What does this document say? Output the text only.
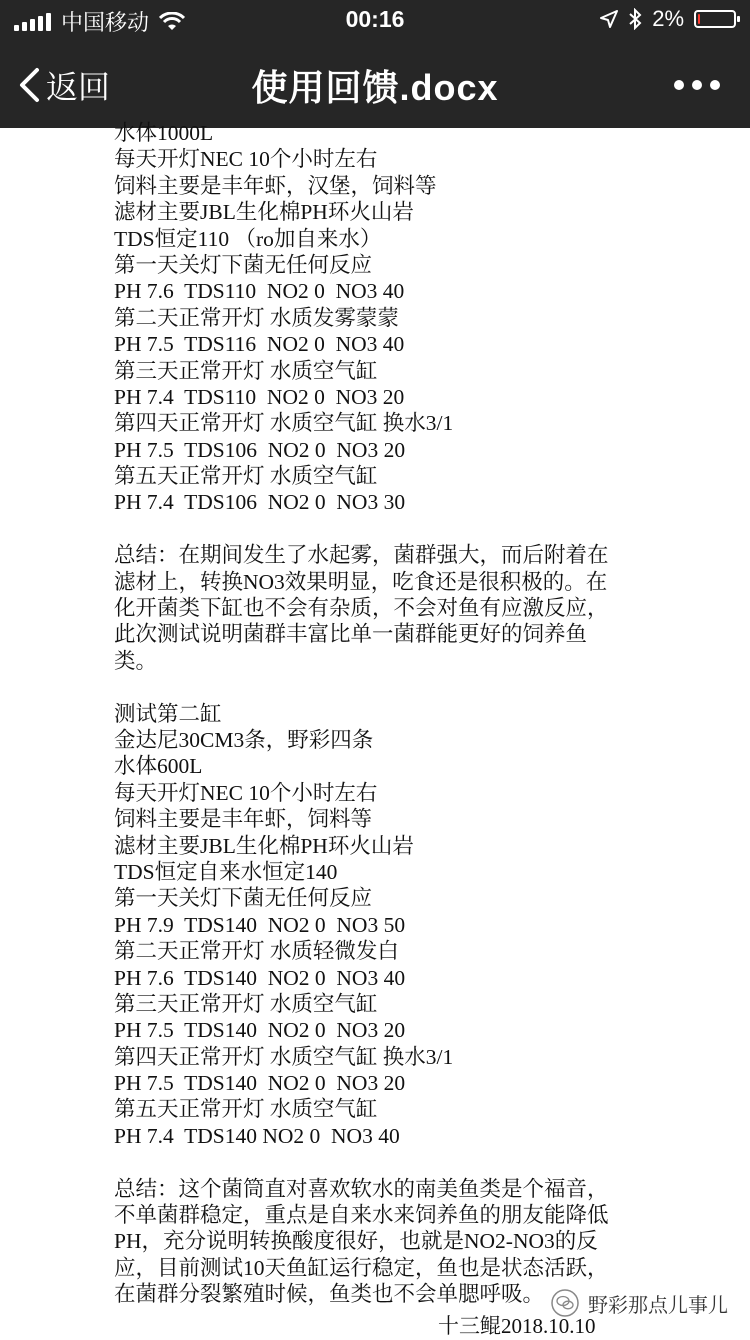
中国移动	00:16	2%
返回	使用回馈.docx
水体1000L
每天开灯NEC 10个小时左右
饲料主要是丰年虾，汉堡，饲料等
滤材主要JBL生化棉PH环火山岩
TDS恒定110 （ro加自来水）
第一天关灯下菌无任何反应
PH 7.6  TDS110  NO2 0  NO3 40
第二天正常开灯 水质发雾蒙蒙
PH 7.5  TDS116  NO2 0  NO3 40
第三天正常开灯 水质空气缸
PH 7.4  TDS110  NO2 0  NO3 20
第四天正常开灯 水质空气缸 换水3/1
PH 7.5  TDS106  NO2 0  NO3 20
第五天正常开灯 水质空气缸
PH 7.4  TDS106  NO2 0  NO3 30
总结：在期间发生了水起雾，菌群强大，而后附着在
滤材上，转换NO3效果明显，吃食还是很积极的。在
化开菌类下缸也不会有杂质，不会对鱼有应激反应，
此次测试说明菌群丰富比单一菌群能更好的饲养鱼
类。
测试第二缸
金达尼30CM3条，野彩四条
水体600L
每天开灯NEC 10个小时左右
饲料主要是丰年虾，饲料等
滤材主要JBL生化棉PH环火山岩
TDS恒定自来水恒定140
第一天关灯下菌无任何反应
PH 7.9  TDS140  NO2 0  NO3 50
第二天正常开灯 水质轻微发白
PH 7.6  TDS140  NO2 0  NO3 40
第三天正常开灯 水质空气缸
PH 7.5  TDS140  NO2 0  NO3 20
第四天正常开灯 水质空气缸 换水3/1
PH 7.5  TDS140  NO2 0  NO3 20
第五天正常开灯 水质空气缸
PH 7.4  TDS140 NO2 0  NO3 40
总结：这个菌筒直对喜欢软水的南美鱼类是个福音，
不单菌群稳定，重点是自来水来饲养鱼的朋友能降低
PH，充分说明转换酸度很好，也就是NO2-NO3的反
应，目前测试10天鱼缸运行稳定，鱼也是状态活跃，
在菌群分裂繁殖时候，鱼类也不会单腮呼吸。
十三鲲2018.10.10
野彩那点儿事儿
